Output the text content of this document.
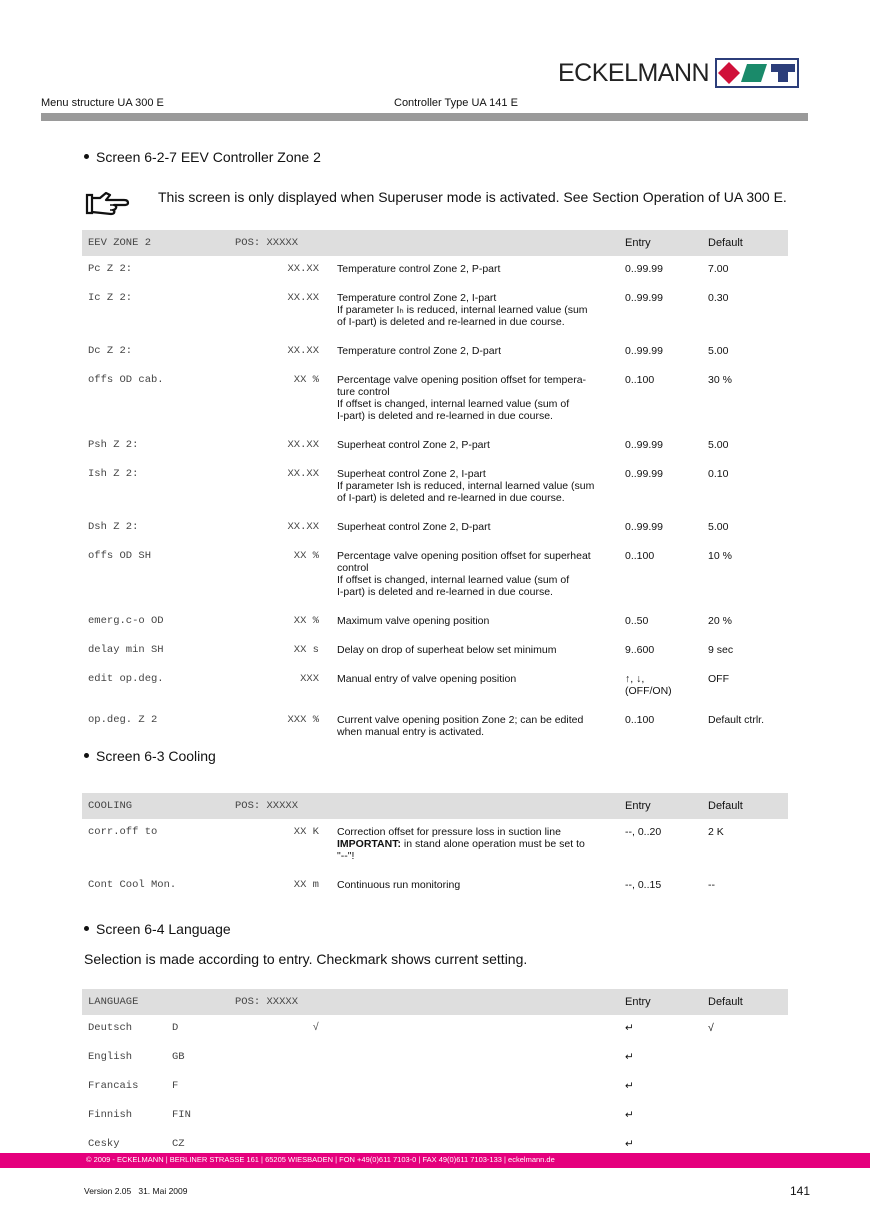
ECKELMANN
Menu structure UA 300 E	Controller Type UA 141 E
Screen 6-2-7 EEV Controller Zone 2
This screen is only displayed when Superuser mode is activated. See Section Operation of UA 300 E.
EEV ZONE 2	POS: XXXXX		Entry	Default
Pc Z 2:	XX.XX	Temperature control Zone 2, P-part	0..99.99	7.00
Ic Z 2:	XX.XX	Temperature control Zone 2, I-part
If parameter Iₕ is reduced, internal learned value (sum
of I-part) is deleted and re-learned in due course.	0..99.99	0.30
Dc Z 2:	XX.XX	Temperature control Zone 2, D-part	0..99.99	5.00
offs OD cab.	XX %	Percentage valve opening position offset for tempera-
ture control
If offset is changed, internal learned value (sum of
I-part) is deleted and re-learned in due course.	0..100	30 %
Psh Z 2:	XX.XX	Superheat control Zone 2, P-part	0..99.99	5.00
Ish Z 2:	XX.XX	Superheat control Zone 2, I-part
If parameter Ish is reduced, internal learned value (sum
of I-part) is deleted and re-learned in due course.	0..99.99	0.10
Dsh Z 2:	XX.XX	Superheat control Zone 2, D-part	0..99.99	5.00
offs OD SH	XX %	Percentage valve opening position offset for superheat
control
If offset is changed, internal learned value (sum of
I-part) is deleted and re-learned in due course.	0..100	10 %
emerg.c-o OD	XX %	Maximum valve opening position	0..50	20 %
delay min SH	XX s	Delay on drop of superheat below set minimum	9..600	9 sec
edit op.deg.	XXX	Manual entry of valve opening position	↑, ↓,
(OFF/ON)	OFF
op.deg. Z 2	XXX %	Current valve opening position Zone 2; can be edited
when manual entry is activated.	0..100	Default ctrlr.
Screen 6-3 Cooling
COOLING	POS: XXXXX		Entry	Default
corr.off to	XX K	Correction offset for pressure loss in suction line
IMPORTANT: in stand alone operation must be set to
"--"!	--, 0..20	2 K
Cont Cool Mon.	XX m	Continuous run monitoring	--, 0..15	--
Screen 6-4 Language
Selection is made according to entry. Checkmark shows current setting.
LANGUAGE	POS: XXXXX		Entry	Default
Deutsch D	√		↵	√
English GB			↵	
Francais F			↵	
Finnish FIN			↵	
Cesky CZ			↵	
© 2009 - ECKELMANN | BERLINER STRASSE 161 | 65205 WIESBADEN | FON +49(0)611 7103-0 | FAX 49(0)611 7103-133 | eckelmann.de
Version 2.05   31. Mai 2009	141
